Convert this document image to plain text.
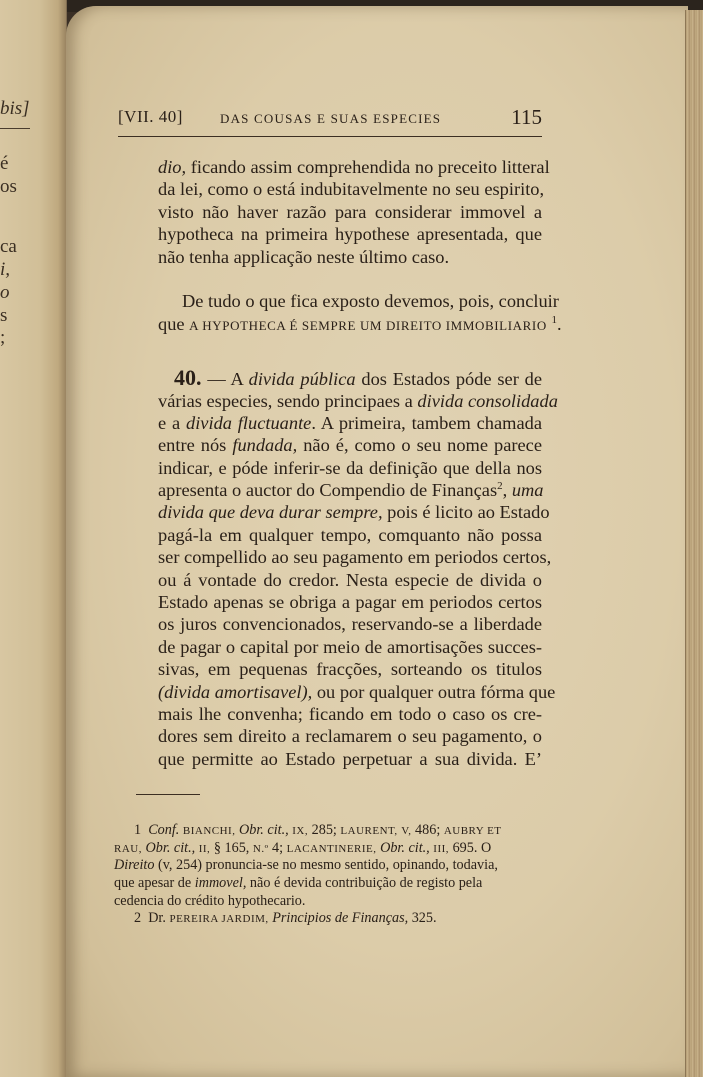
bis]
é
os
ca
i,
o
s
;
[VII. 40]	DAS COUSAS E SUAS ESPECIES	115
dio, ficando assim comprehendida no preceito litteral
da lei, como o está indubitavelmente no seu espirito,
visto não haver razão para considerar immovel a
hypotheca na primeira hypothese apresentada, que
não tenha applicação neste último caso.
De tudo o que fica exposto devemos, pois, concluir
que A HYPOTHECA É SEMPRE UM DIREITO IMMOBILIARIO $^1$.
40. — A divida pública dos Estados póde ser de
várias especies, sendo principaes a divida consolidada
e a divida fluctuante. A primeira, tambem chamada
entre nós fundada, não é, como o seu nome parece
indicar, e póde inferir-se da definição que della nos
apresenta o auctor do Compendio de Finanças$^2$, uma
divida que deva durar sempre, pois é licito ao Estado
pagá-la em qualquer tempo, comquanto não possa
ser compellido ao seu pagamento em periodos certos,
ou á vontade do credor. Nesta especie de divida o
Estado apenas se obriga a pagar em periodos certos
os juros convencionados, reservando-se a liberdade
de pagar o capital por meio de amortisações succes-
sivas, em pequenas fracções, sorteando os titulos
(divida amortisavel), ou por qualquer outra fórma que
mais lhe convenha; ficando em todo o caso os cre-
dores sem direito a reclamarem o seu pagamento, o
que permitte ao Estado perpetuar a sua divida. E’
1 Conf. BIANCHI, Obr. cit., IX, 285; LAURENT, V, 486; AUBRY ET
RAU, Obr. cit., II, § 165, N.º 4; LACANTINERIE, Obr. cit., III, 695. O
Direito (v, 254) pronuncia-se no mesmo sentido, opinando, todavia,
que apesar de immovel, não é devida contribuição de registo pela
cedencia do crédito hypothecario.
2 Dr. PEREIRA JARDIM, Principios de Finanças, 325.
